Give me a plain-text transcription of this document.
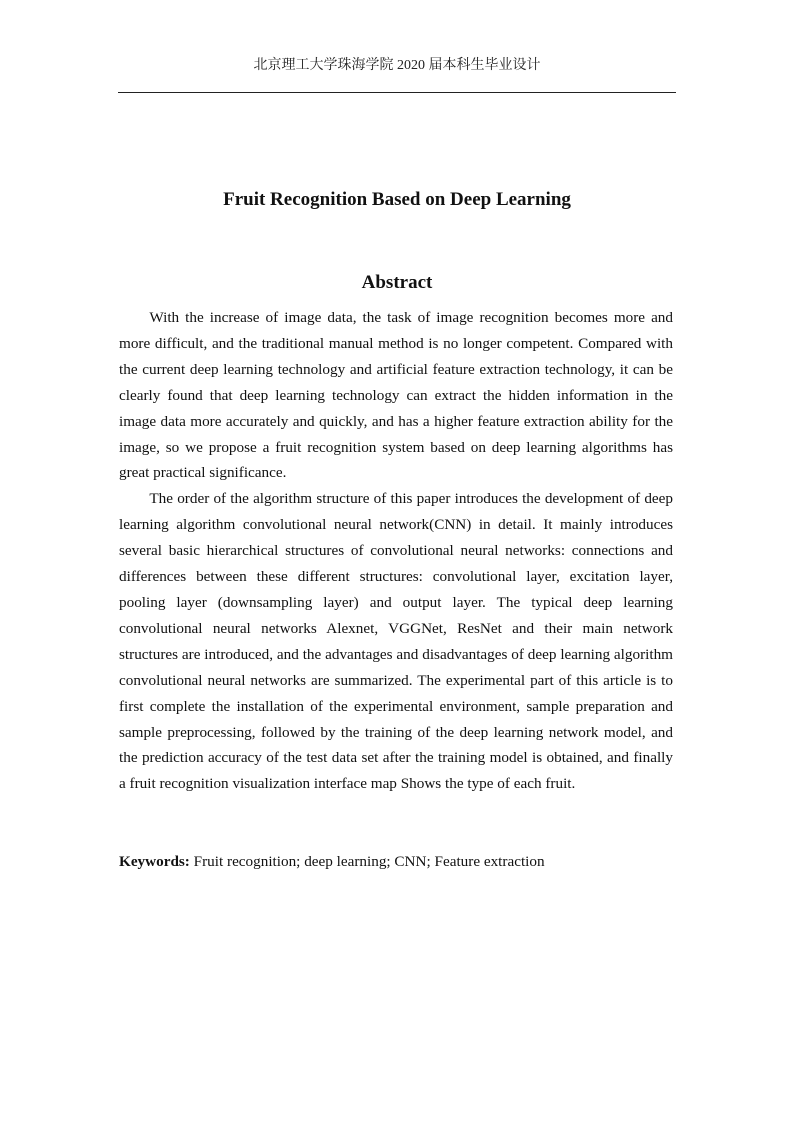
北京理工大学珠海学院 2020 届本科生毕业设计
Fruit Recognition Based on Deep Learning
Abstract

With the increase of image data, the task of image recognition becomes more and more difficult, and the traditional manual method is no longer competent. Compared with the current deep learning technology and artificial feature extraction technology, it can be clearly found that deep learning technology can extract the hidden information in the image data more accurately and quickly, and has a higher feature extraction ability for the image, so we propose a fruit recognition system based on deep learning algorithms has great practical significance.

The order of the algorithm structure of this paper introduces the development of deep learning algorithm convolutional neural network(CNN) in detail. It mainly introduces several basic hierarchical structures of convolutional neural networks: connections and differences between these different structures: convolutional layer, excitation layer, pooling layer (downsampling layer) and output layer. The typical deep learning convolutional neural networks Alexnet, VGGNet, ResNet and their main network structures are introduced, and the advantages and disadvantages of deep learning algorithm convolutional neural networks are summarized. The experimental part of this article is to first complete the installation of the experimental environment, sample preparation and sample preprocessing, followed by the training of the deep learning network model, and the prediction accuracy of the test data set after the training model is obtained, and finally a fruit recognition visualization interface map Shows the type of each fruit.

Keywords: Fruit recognition; deep learning; CNN; Feature extraction
